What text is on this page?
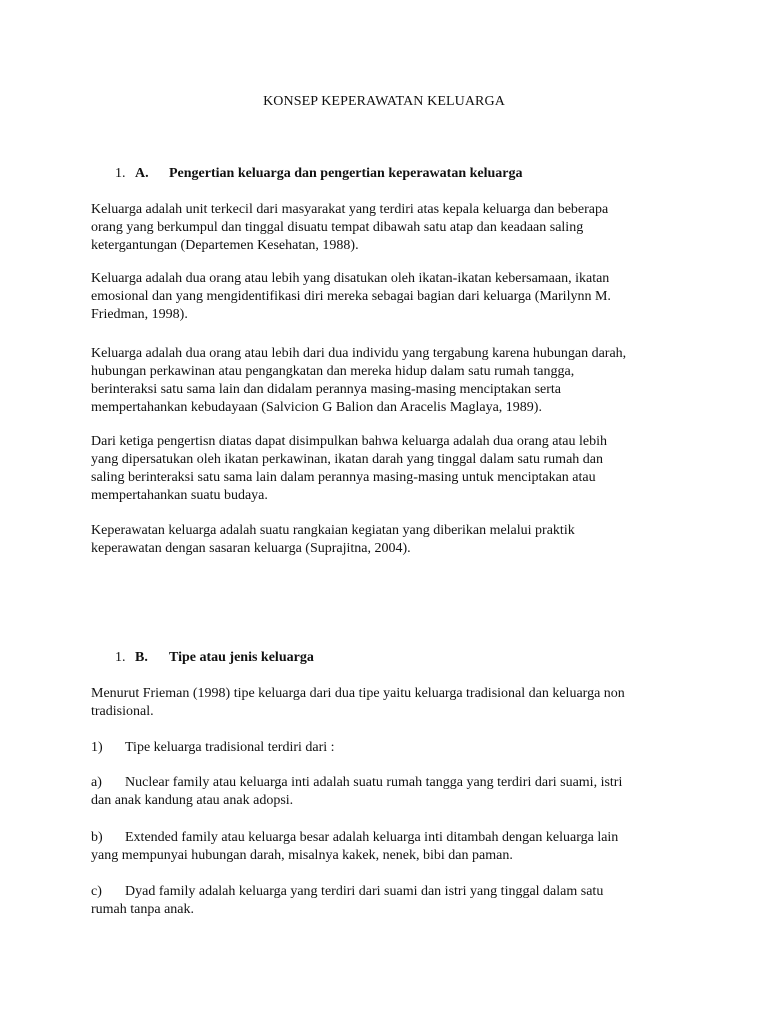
KONSEP KEPERAWATAN KELUARGA
1. A.	Pengertian keluarga dan pengertian keperawatan keluarga
Keluarga adalah unit terkecil dari masyarakat yang terdiri atas kepala keluarga dan beberapa
orang yang berkumpul dan tinggal disuatu tempat dibawah satu atap dan keadaan saling
ketergantungan (Departemen Kesehatan, 1988).
Keluarga adalah dua orang atau lebih yang disatukan oleh ikatan-ikatan kebersamaan, ikatan
emosional dan yang mengidentifikasi diri mereka sebagai bagian dari keluarga (Marilynn M.
Friedman, 1998).
Keluarga adalah dua orang atau lebih dari dua individu yang tergabung karena hubungan darah,
hubungan perkawinan atau pengangkatan dan mereka hidup dalam satu rumah tangga,
berinteraksi satu sama lain dan didalam perannya masing-masing menciptakan serta
mempertahankan kebudayaan (Salvicion G Balion dan Aracelis Maglaya, 1989).
Dari ketiga pengertisn diatas dapat disimpulkan bahwa keluarga adalah dua orang atau lebih
yang dipersatukan oleh ikatan perkawinan, ikatan darah yang tinggal dalam satu rumah dan
saling berinteraksi satu sama lain dalam perannya masing-masing untuk menciptakan atau
mempertahankan suatu budaya.
Keperawatan keluarga adalah suatu rangkaian kegiatan yang diberikan melalui praktik
keperawatan dengan sasaran keluarga (Suprajitna, 2004).
1. B.	Tipe atau jenis keluarga
Menurut Frieman (1998) tipe keluarga dari dua tipe yaitu keluarga tradisional dan keluarga non
tradisional.
1) Tipe keluarga tradisional terdiri dari :
a) Nuclear family atau keluarga inti adalah suatu rumah tangga yang terdiri dari suami, istri
dan anak kandung atau anak adopsi.
b) Extended family atau keluarga besar adalah keluarga inti ditambah dengan keluarga lain
yang mempunyai hubungan darah, misalnya kakek, nenek, bibi dan paman.
c) Dyad family adalah keluarga yang terdiri dari suami dan istri yang tinggal dalam satu
rumah tanpa anak.
